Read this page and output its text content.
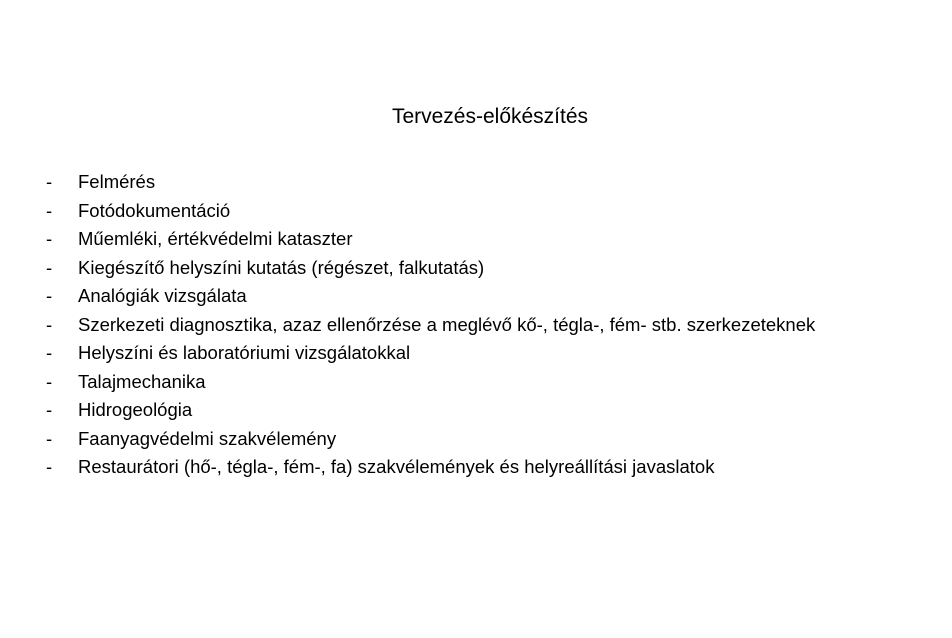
Tervezés-előkészítés
-	Felmérés
-	Fotódokumentáció
-	Műemléki, értékvédelmi kataszter
-	Kiegészítő helyszíni kutatás (régészet, falkutatás)
-	Analógiák vizsgálata
-	Szerkezeti diagnosztika, azaz ellenőrzése a meglévő kő-, tégla-, fém- stb. szerkezeteknek
-	Helyszíni és laboratóriumi vizsgálatokkal
-	Talajmechanika
-	Hidrogeológia
-	Faanyagvédelmi szakvélemény
-	Restaurátori (hő-, tégla-, fém-, fa) szakvélemények és helyreállítási javaslatok
